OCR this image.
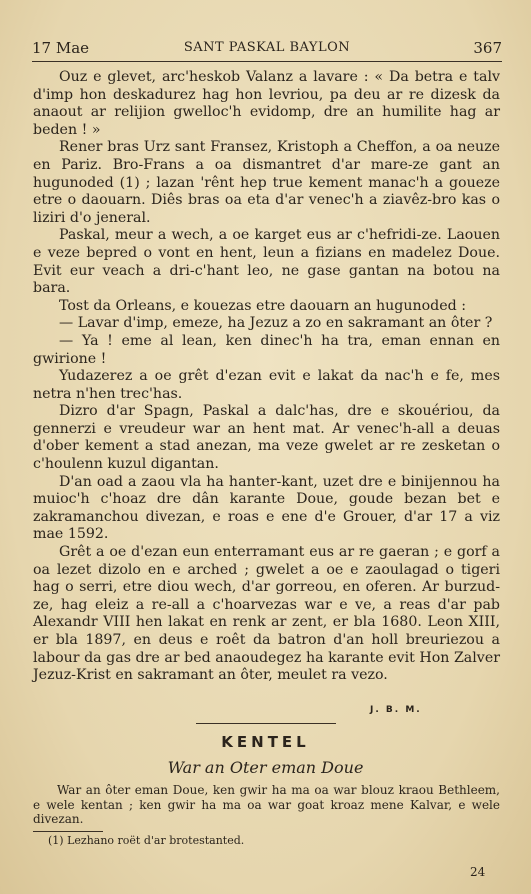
17 Mae	SANT PASKAL BAYLON	367

Ouz e glevet, arc'heskob Valanz a lavare : « Da betra e talv d'imp hon deskadurez hag hon levriou, pa deu ar re dizesk da anaout ar relijion gwelloc'h evidomp, dre an humilite hag ar beden ! »

Rener bras Urz sant Fransez, Kristoph a Cheffon, a oa neuze en Pariz. Bro-Frans a oa dismantret d'ar mare-ze gant an hugunoded (1) ; lazan 'rênt hep true kement manac'h a goueze etre o daouarn. Diês bras oa eta d'ar venec'h a ziavêz-bro kas o liziri d'o jeneral.

Paskal, meur a wech, a oe karget eus ar c'hefridi-ze. Laouen e veze bepred o vont en hent, leun a fizians en madelez Doue. Evit eur veach a dri-c'hant leo, ne gase gantan na botou na bara.

Tost da Orleans, e kouezas etre daouarn an hugunoded :

— Lavar d'imp, emeze, ha Jezuz a zo en sakramant an ôter ?

— Ya ! eme al lean, ken dinec'h ha tra, eman ennan en gwirione !

Yudazerez a oe grêt d'ezan evit e lakat da nac'h e fe, mes netra n'hen trec'has.

Dizro d'ar Spagn, Paskal a dalc'has, dre e skouériou, da gennerzi e vreudeur war an hent mat. Ar venec'h-all a deuas d'ober kement a stad anezan, ma veze gwelet ar re zesketan o c'houlenn kuzul digantan.

D'an oad a zaou vla ha hanter-kant, uzet dre e binijennou ha muioc'h c'hoaz dre dân karante Doue, goude bezan bet e zakramanchou divezan, e roas e ene d'e Grouer, d'ar 17 a viz mae 1592.

Grêt a oe d'ezan eun enterramant eus ar re gaeran ; e gorf a oa lezet dizolo en e arched ; gwelet a oe e zaoulagad o tigeri hag o serri, etre diou wech, d'ar gorreou, en oferen. Ar burzud-ze, hag eleiz a re-all a c'hoarvezas war e ve, a reas d'ar pab Alexandr VIII hen lakat en renk ar zent, er bla 1680. Leon XIII, er bla 1897, en deus e roêt da batron d'an holl breuriezou a labour da gas dre ar bed anaoudegez ha karante evit Hon Zalver Jezuz-Krist en sakramant an ôter, meulet ra vezo.

J. B. M.
KENTEL
War an Oter eman Doue

War an ôter eman Doue, ken gwir ha ma oa war blouz kraou Bethleem, e wele kentan ; ken gwir ha ma oa war goat kroaz mene Kalvar, e wele divezan.

(1) Lezhano roët d'ar brotestanted.
24
